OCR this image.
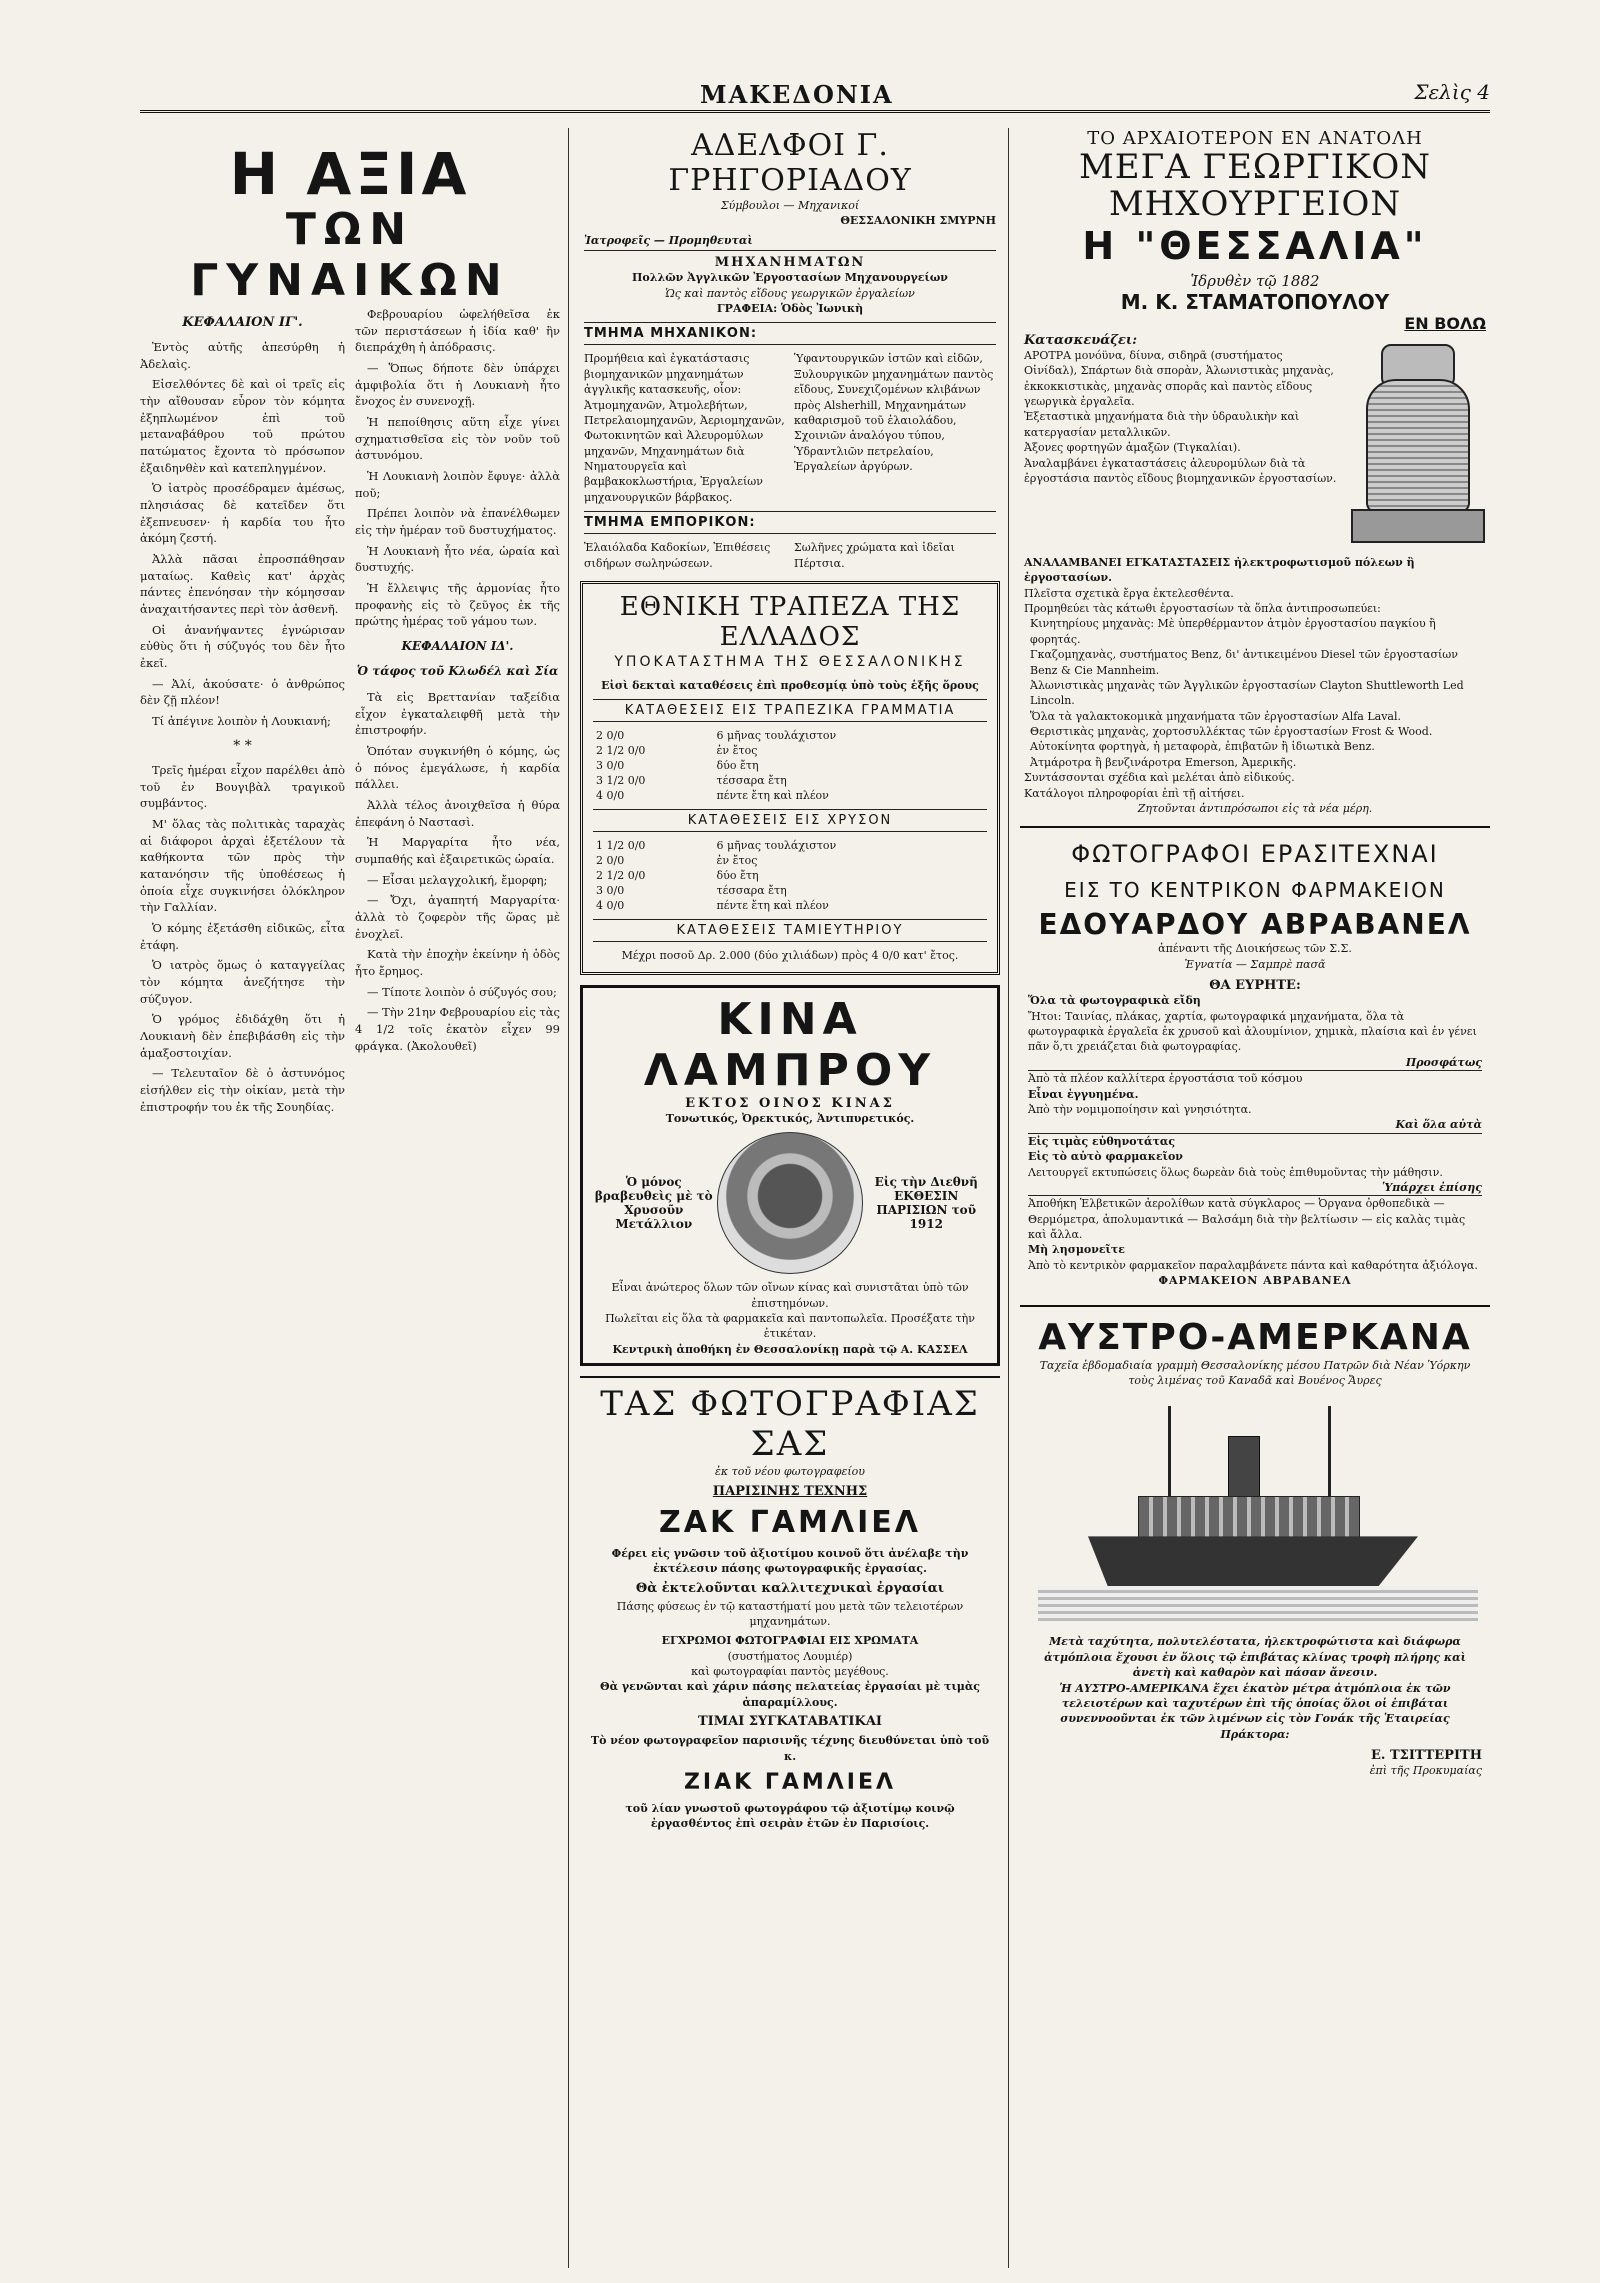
ΜΑΚΕΔΟΝΙΑ	Σελὶς 4
Η ΑΞΙΑ
ΤΩΝ ΓΥΝΑΙΚΩΝ
ΚΕΦΑΛΑΙΟΝ ΙΓ'.

Ἐντὸς αὐτῆς ἀπεσύρθη ἡ Ἀδελαὶς.

Εἰσελθόντες δὲ καὶ οἱ τρεῖς εἰς τὴν αἴθουσαν εὗρον τὸν κόμητα ἐξηπλωμένον ἐπὶ τοῦ μεταναβάθρου τοῦ πρώτου πατώματος ἔχοντα τὸ πρόσωπον ἐξαιδηνθὲν καὶ κατεπληγμένον.

Ὁ ἰατρὸς προσέδραμεν ἀμέσως, πλησιάσας δὲ κατεῖδεν ὅτι ἐξεπνευσεν· ἡ καρδία του ἦτο ἀκόμη ζεστή.

Ἀλλὰ πᾶσαι ἐπροσπάθησαν ματαίως. Καθεὶς κατ' ἀρχὰς πάντες ἐπενόησαν τὴν κόμησσαν ἀναχαιτήσαντες περὶ τὸν ἀσθενῆ.

Οἱ ἀνανήψαντες ἐγνώρισαν εὐθὺς ὅτι ἡ σύζυγός του δὲν ἦτο ἐκεῖ.

— Ἀλί, ἀκούσατε· ὁ ἀνθρώπος δὲν ζῇ πλέον!

Τί ἀπέγινε λοιπὸν ἡ Λουκιανή;

* *

Τρεῖς ἡμέραι εἶχον παρέλθει ἀπὸ τοῦ ἐν Βουγιβὰλ τραγικοῦ συμβάντος.

Μ' ὅλας τὰς πολιτικὰς ταραχὰς αἱ διάφοροι ἀρχαὶ ἐξετέλουν τὰ καθήκοντα τῶν πρὸς τὴν κατανόησιν τῆς ὑποθέσεως ἡ ὁποία εἶχε συγκινήσει ὁλόκληρον τὴν Γαλλίαν.

Ὁ κόμης ἐξετάσθη εἰδικῶς, εἶτα ἐτάφη.

Ὁ ιατρὸς ὅμως ὁ καταγγείλας τὸν κόμητα ἀνεζήτησε τὴν σύζυγον.

Ὁ γρόμος ἐδιδάχθη ὅτι ἡ Λουκιανὴ δὲν ἐπεβιβάσθη εἰς τὴν ἁμαξοστοιχίαν.

— Τελευταῖον δὲ ὁ ἀστυνόμος εἰσήλθεν εἰς τὴν οἰκίαν, μετὰ τὴν ἐπιστροφήν του ἐκ τῆς Σουηδίας.

Φεβρουαρίου ὡφελήθεῖσα ἐκ τῶν περιστάσεων ἡ ἰδία καθ' ἣν διεπράχθη ἡ ἀπόδρασις.

— Ὅπως δήποτε δὲν ὑπάρχει ἀμφιβολία ὅτι ἡ Λουκιανὴ ἦτο ἔνοχος ἐν συνενοχῇ.

Ἡ πεποίθησις αὕτη εἶχε γίνει σχηματισθεῖσα εἰς τὸν νοῦν τοῦ ἀστυνόμου.

Ἡ Λουκιανὴ λοιπὸν ἔφυγε· ἀλλὰ ποῦ;

Πρέπει λοιπὸν νὰ ἐπανέλθωμεν εἰς τὴν ἡμέραν τοῦ δυστυχήματος.

Ἡ Λουκιανὴ ἦτο νέα, ὡραία καὶ δυστυχής.

Ἡ ἔλλειψις τῆς ἀρμονίας ἦτο προφανὴς εἰς τὸ ζεῦγος ἐκ τῆς πρώτης ἡμέρας τοῦ γάμου των.

ΚΕΦΑΛΑΙΟΝ ΙΔ'.
Ὁ τάφος τοῦ Κλωδέλ καὶ Σία

Τὰ εἰς Βρεττανίαν ταξείδια εἶχον ἐγκαταλειφθῆ μετὰ τὴν ἐπιστροφήν.

Ὁπόταν συγκινήθη ὁ κόμης, ὡς ὁ πόνος ἐμεγάλωσε, ἡ καρδία πάλλει.

Ἀλλὰ τέλος ἀνοιχθεῖσα ἡ θύρα ἐπεφάνη ὁ Ναστασὶ.

Ἡ Μαργαρίτα ἦτο νέα, συμπαθής καὶ ἐξαιρετικῶς ὡραία.

— Εἶσαι μελαγχολική, ἔμορφη;

— Ὄχι, ἀγαπητή Μαργαρίτα· ἀλλὰ τὸ ζοφερὸν τῆς ὥρας μὲ ἐνοχλεῖ.

Κατὰ τὴν ἐποχὴν ἐκείνην ἡ ὁδὸς ἦτο ἔρημος.

— Τίποτε λοιπὸν ὁ σύζυγός σου;

— Τὴν 21ην Φεβρουαρίου εἰς τὰς 4 1/2 τοῖς ἑκατὸν εἶχεν 99 φράγκα. (Ἀκολουθεῖ)

ΑΔΕΛΦΟΙ Γ. ΓΡΗΓΟΡΙΑΔΟΥ
Σύμβουλοι — Μηχανικοί
ΘΕΣΣΑΛΟΝΙΚΗ ΣΜΥΡΝΗ
Ἰατροφεῖς — Προμηθευταὶ
ΜΗΧΑΝΗΜΑΤΩΝ
Πολλῶν Ἀγγλικῶν Ἐργοστασίων Μηχανουργείων
Ὡς καὶ παντὸς εἴδους γεωργικῶν ἐργαλείων
ΓΡΑΦΕΙΑ: Ὁδὸς Ἰωνικὴ
ΤΜΗΜΑ ΜΗΧΑΝΙΚΟΝ:
Προμήθεια καὶ ἐγκατάστασις βιομηχανικῶν μηχανημάτων ἀγγλικῆς κατασκευῆς, οἷον: Ἀτμομηχανῶν, Ἀτμολεβήτων, Πετρελαιομηχανῶν, Ἀεριομηχανῶν, Φωτοκινητῶν καὶ Ἀλευρομύλων μηχανῶν, Μηχανημάτων διὰ Νηματουργεῖα καὶ βαμβακοκλωστήρια, Ἐργαλείων μηχανουργικῶν βάρβακος.
Ὑφαντουργικῶν ἱστῶν καὶ εἰδῶν, Ξυλουργικῶν μηχανημάτων παντὸς εἴδους, Συνεχιζομένων κλιβάνων πρὸς Alsherhill, Μηχανημάτων καθαρισμοῦ τοῦ ἐλαιολάδου, Σχοινιῶν ἀναλόγου τύπου, Ὑδραντλιῶν πετρελαίου, Ἐργαλείων ἀργύρων.
ΤΜΗΜΑ ΕΜΠΟΡΙΚΟΝ:
Ἐλαιόλαδα Καδοκίων, Ἐπιθέσεις σιδήρων σωληνώσεων.
Σωλῆνες χρώματα καὶ ἰδεῖαι Πέρτσια.
ΕΘΝΙΚΗ ΤΡΑΠΕΖΑ ΤΗΣ ΕΛΛΑΔΟΣ
ΥΠΟΚΑΤΑΣΤΗΜΑ ΤΗΣ ΘΕΣΣΑΛΟΝΙΚΗΣ
Εἰσὶ δεκταὶ καταθέσεις ἐπὶ προθεσμίᾳ ὑπὸ τοὺς ἑξῆς ὅρους
ΚΑΤΑΘΕΣΕΙΣ ΕΙΣ ΤΡΑΠΕΖΙΚΑ ΓΡΑΜΜΑΤΙΑ
2 0/0	6 μῆνας τουλάχιστον
2 1/2 0/0	ἐν ἔτος
3 0/0	δύο ἔτη
3 1/2 0/0	τέσσαρα ἔτη
4 0/0	πέντε ἔτη καὶ πλέον
ΚΑΤΑΘΕΣΕΙΣ ΕΙΣ ΧΡΥΣΟΝ
1 1/2 0/0	6 μῆνας τουλάχιστον
2 0/0	ἐν ἔτος
2 1/2 0/0	δύο ἔτη
3 0/0	τέσσαρα ἔτη
4 0/0	πέντε ἔτη καὶ πλέον
ΚΑΤΑΘΕΣΕΙΣ ΤΑΜΙΕΥΤΗΡΙΟΥ
Μέχρι ποσοῦ Δρ. 2.000 (δύο χιλιάδων) πρὸς 4 0/0 κατ' ἔτος.
ΚΙΝΑ ΛΑΜΠΡΟΥ
ΕΚΤΟΣ ΟΙΝΟΣ ΚΙΝΑΣ
Τονωτικός, Ὀρεκτικός, Ἀντιπυρετικός.
Ὁ μόνος βραβευθεὶς μὲ τὸ Χρυσοῦν Μετάλλιον
Εἰς τὴν Διεθνῆ ΕΚΘΕΣΙΝ ΠΑΡΙΣΙΩΝ τοῦ 1912
Εἶναι ἀνώτερος ὅλων τῶν οἴνων κίνας καὶ συνιστᾶται ὑπὸ τῶν ἐπιστημόνων.
Πωλεῖται εἰς ὅλα τὰ φαρμακεῖα καὶ παντοπωλεῖα. Προσέξατε τὴν ἐτικέταν.
Κεντρικὴ ἀποθήκη ἐν Θεσσαλονίκῃ παρὰ τῷ Α. ΚΑΣΣΕΛ
ΤΑΣ ΦΩΤΟΓΡΑΦΙΑΣ ΣΑΣ
ἐκ τοῦ νέου φωτογραφείου
ΠΑΡΙΣΙΝΗΣ ΤΕΧΝΗΣ
ΖΑΚ ΓΑΜΛΙΕΛ
Φέρει εἰς γνῶσιν τοῦ ἀξιοτίμου κοινοῦ ὅτι ἀνέλαβε τὴν ἐκτέλεσιν πάσης φωτογραφικῆς ἐργασίας.
Θὰ ἐκτελοῦνται καλλιτεχνικαὶ ἐργασίαι
Πάσης φύσεως ἐν τῷ καταστήματί μου μετὰ τῶν τελειοτέρων μηχανημάτων.
ΕΓΧΡΩΜΟΙ ΦΩΤΟΓΡΑΦΙΑΙ ΕΙΣ ΧΡΩΜΑΤΑ
(συστήματος Λουμιέρ)
καὶ φωτογραφίαι παντὸς μεγέθους.
Θὰ γενῶνται καὶ χάριν πάσης πελατείας ἐργασίαι μὲ τιμὰς ἀπαραμίλλους.
ΤΙΜΑΙ ΣΥΓΚΑΤΑΒΑΤΙΚΑΙ
Τὸ νέον φωτογραφεῖον παρισινῆς τέχνης διευθύνεται ὑπὸ τοῦ κ.
ΖΙΑΚ ΓΑΜΛΙΕΛ
τοῦ λίαν γνωστοῦ φωτογράφου τῷ ἀξιοτίμῳ κοινῷ ἐργασθέντος ἐπὶ σειρὰν ἐτῶν ἐν Παρισίοις.
ΤΟ ΑΡΧΑΙΟΤΕΡΟΝ ΕΝ ΑΝΑΤΟΛΗ
ΜΕΓΑ ΓΕΩΡΓΙΚΟΝ ΜΗΧΟΥΡΓΕΙΟΝ
Η "ΘΕΣΣΑΛΙΑ"
Ἱδρυθὲν τῷ 1882
Μ. Κ. ΣΤΑΜΑΤΟΠΟΥΛΟΥ
ΕΝ ΒΟΛΩ
Κατασκευάζει:
ΑΡΟΤΡΑ μονόϋνα, δίυνα, σιδηρᾶ (συστήματος Οἰνίδαλ), Σπάρτων διὰ σπορὰν, Ἁλωνιστικὰς μηχανὰς, ἐκκοκκιστικὰς, μηχανὰς σπορᾶς καὶ παντὸς εἴδους γεωργικὰ ἐργαλεῖα.
Ἐξεταστικὰ μηχανήματα διὰ τὴν ὑδραυλικὴν καὶ κατεργασίαν μεταλλικῶν.
Ἀξονες φορτηγῶν ἁμαξῶν (Τιγκαλίαι).
Ἀναλαμβάνει ἐγκαταστάσεις ἀλευρομύλων διὰ τὰ ἐργοστάσια παντὸς εἴδους βιομηχανικῶν ἐργοστασίων.
ΑΝΑΛΑΜΒΑΝΕΙ ΕΓΚΑΤΑΣΤΑΣΕΙΣ ἠλεκτροφωτισμοῦ πόλεων ἢ ἐργοστασίων.
Πλεῖστα σχετικὰ ἔργα ἐκτελεσθέντα.
Προμηθεύει τὰς κάτωθι ἐργοστασίων τὰ ὅπλα ἀντιπροσωπεύει:
Κινητηρίους μηχανὰς: Μὲ ὑπερθέρμαντον ἀτμὸν ἐργοστασίου παγκίου ἢ φορητάς.
Γκαζομηχανὰς, συστήματος Benz, δι' ἀντικειμένου Diesel τῶν ἐργοστασίων Benz & Cie Mannheim.
Ἀλωνιστικὰς μηχανὰς τῶν Ἀγγλικῶν ἐργοστασίων Clayton Shuttleworth Led Lincoln.
Ὅλα τὰ γαλακτοκομικὰ μηχανήματα τῶν ἐργοστασίων Alfa Laval.
Θεριστικὰς μηχανὰς, χορτοσυλλέκτας τῶν ἐργοστασίων Frost & Wood.
Αὐτοκίνητα φορτηγὰ, ἡ μεταφορὰ, ἐπιβατῶν ἢ ἰδιωτικὰ Benz.
Ἀτμάροτρα ἢ βενζινάροτρα Emerson, Ἀμερικῆς.
Συντάσσονται σχέδια καὶ μελέται ἀπὸ εἰδικούς.
Κατάλογοι πληροφορίαι ἐπὶ τῇ αἰτήσει.
Ζητοῦνται ἀντιπρόσωποι εἰς τὰ νέα μέρη.
ΦΩΤΟΓΡΑΦΟΙ ΕΡΑΣΙΤΕΧΝΑΙ
ΕΙΣ ΤΟ ΚΕΝΤΡΙΚΟΝ ΦΑΡΜΑΚΕΙΟΝ
ΕΔΟΥΑΡΔΟΥ ΑΒΡΑΒΑΝΕΛ
ἀπέναντι τῆς Διοικήσεως τῶν Σ.Σ.
Ἐγνατία — Σαμπρὲ πασᾶ
ΘΑ ΕΥΡΗΤΕ:
Ὅλα τὰ φωτογραφικὰ εἴδη
Ἤτοι: Ταινίας, πλάκας, χαρτία, φωτογραφικά μηχανήματα, ὅλα τὰ φωτογραφικὰ ἐργαλεῖα ἐκ χρυσοῦ καὶ ἀλουμίνιον, χημικὰ, πλαίσια καὶ ἐν γένει πᾶν ὅ,τι χρειάζεται διὰ φωτογραφίας.
Προσφάτως
Ἀπὸ τὰ πλέον καλλίτερα ἐργοστάσια τοῦ κόσμου
Εἶναι ἐγγυημένα.
Ἀπὸ τὴν νομιμοποίησιν καὶ γνησιότητα.
Καὶ ὅλα αὐτὰ
Εἰς τιμὰς εὐθηνοτάτας
Εἰς τὸ αὐτὸ φαρμακεῖον
Λειτουργεῖ εκτυπώσεις ὅλως δωρεὰν διὰ τοὺς ἐπιθυμοῦντας τὴν μάθησιν.
Ὑπάρχει ἐπίσης
Ἀποθήκη Ἑλβετικῶν ἀερολίθων κατὰ σύγκλαρος — Ὀργανα ὀρθοπεδικὰ — Θερμόμετρα, ἀπολυμαντικά — Βαλσάμη διὰ τὴν βελτίωσιν — εἰς καλὰς τιμὰς καὶ ἄλλα.
Μὴ λησμονεῖτε
Ἀπὸ τὸ κεντρικὸν φαρμακεῖον παραλαμβάνετε πάντα καὶ καθαρότητα ἀξιόλογα.
ΦΑΡΜΑΚΕΙΟΝ ΑΒΡΑΒΑΝΕΛ
ΑΥΣΤΡΟ-ΑΜΕΡΚΑΝΑ
Ταχεῖα ἑβδομαδιαία γραμμὴ Θεσσαλονίκης μέσου Πατρῶν διὰ Νέαν Ὑόρκην τοὺς λιμένας τοῦ Καναδᾶ καὶ Βουένος Ἄυρες
Μετὰ ταχύτητα, πολυτελέστατα, ἠλεκτροφώτιστα καὶ διάφωρα ἀτμόπλοια ἔχουσι ἐν ὅλοις τῷ ἐπιβάτας κλίνας τροφὴ πλήρης καὶ ἀνετὴ καὶ καθαρὸν καὶ πάσαν ἄνεσιν.
Ἡ ΑΥΣΤΡΟ-ΑΜΕΡΙΚΑΝΑ ἔχει ἑκατὸν μέτρα ἀτμόπλοια ἐκ τῶν τελειοτέρων καὶ ταχυτέρων ἐπὶ τῆς ὁποίας ὅλοι οἱ ἐπιβάται συνεννοοῦνται ἐκ τῶν λιμένων εἰς τὸν Γονάκ τῆς Ἑταιρείας Πράκτορα:
Ε. ΤΣΙΤΤΕΡΙΤΗ
ἐπὶ τῆς Προκυμαίας
